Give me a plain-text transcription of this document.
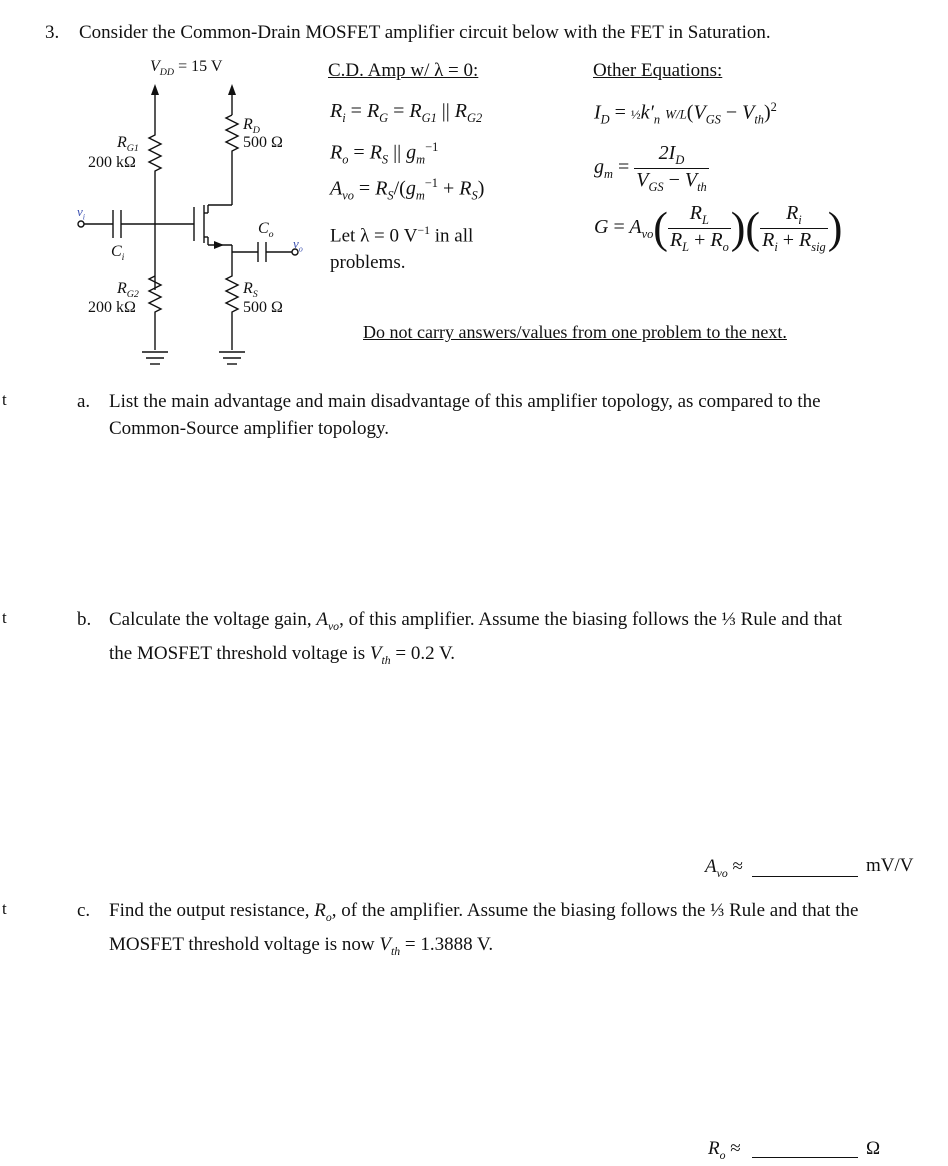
3. Consider the Common-Drain MOSFET amplifier circuit below with the FET in Saturation.
$V_{DD} = 15$ V
$R_{G1}$
200 kΩ
$R_{G2}$
200 kΩ
$R_D$
500 Ω
$R_S$
500 Ω
$C_i$
$C_o$
$v_i$
$v_o$
C.D. Amp w/ λ = 0:
$R_i = R_G = R_{G1}$ || $R_{G2}$
$R_o = R_S$ || $g_m^{-1}$
$A_{vo} = R_S/(g_m^{-1} + R_S)$
Let λ = 0 $V^{-1}$ in all
problems.
Other Equations:
$I_D$ = $\frac{1}{2}k'_n$ $W/L(V_{GS} - V_{th})^2$
$g_m = \frac{2I_D}{V_{GS} - V_{th}}$
$G = A_{vo}( \frac{R_L}{R_L + R_o}$ )( $\frac{R_i}{R_i + R_{sig}}$ )
Do not carry answers/values from one problem to the next.
t
t
t
a. List the main advantage and main disadvantage of this amplifier topology, as compared to the Common-Source amplifier topology.
b. Calculate the voltage gain, $A_{vo}$, of this amplifier. Assume the biasing follows the ⅓ Rule and that the MOSFET threshold voltage is $V_{th} = 0.2$ V.
$A_{vo}$ ≈	mV/V
c. Find the output resistance, $R_o$, of the amplifier. Assume the biasing follows the ⅓ Rule and that the MOSFET threshold voltage is now $V_{th} = 1.3888$ V.
$R_o$ ≈	Ω
